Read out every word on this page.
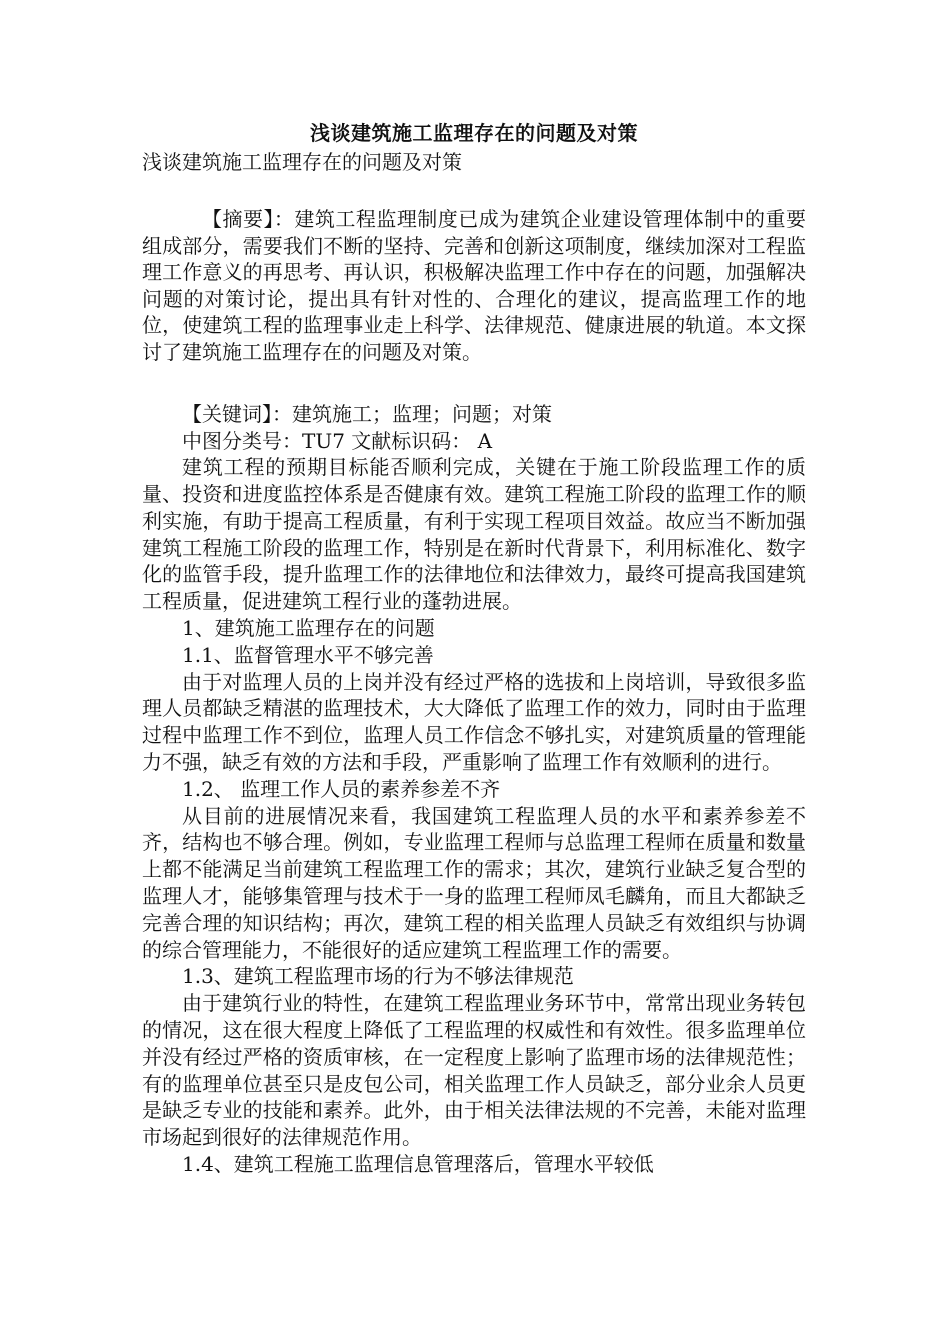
浅谈建筑施工监理存在的问题及对策

浅谈建筑施工监理存在的问题及对策

【摘要】：建筑工程监理制度已成为建筑企业建设管理体制中的重要组成部分，需要我们不断的坚持、完善和创新这项制度，继续加深对工程监理工作意义的再思考、再认识，积极解决监理工作中存在的问题，加强解决问题的对策讨论，提出具有针对性的、合理化的建议，提高监理工作的地位，使建筑工程的监理事业走上科学、法律规范、健康进展的轨道。本文探讨了建筑施工监理存在的问题及对策。

【关键词】：建筑施工；监理；问题；对策

中图分类号：TU7 文献标识码： A

建筑工程的预期目标能否顺利完成，关键在于施工阶段监理工作的质量、投资和进度监控体系是否健康有效。建筑工程施工阶段的监理工作的顺利实施，有助于提高工程质量，有利于实现工程项目效益。故应当不断加强建筑工程施工阶段的监理工作，特别是在新时代背景下，利用标准化、数字化的监管手段，提升监理工作的法律地位和法律效力，最终可提高我国建筑工程质量，促进建筑工程行业的蓬勃进展。

1、建筑施工监理存在的问题

1.1、监督管理水平不够完善

由于对监理人员的上岗并没有经过严格的选拔和上岗培训，导致很多监理人员都缺乏精湛的监理技术，大大降低了监理工作的效力，同时由于监理过程中监理工作不到位，监理人员工作信念不够扎实，对建筑质量的管理能力不强，缺乏有效的方法和手段，严重影响了监理工作有效顺利的进行。

1.2、 监理工作人员的素养参差不齐

从目前的进展情况来看，我国建筑工程监理人员的水平和素养参差不齐，结构也不够合理。例如，专业监理工程师与总监理工程师在质量和数量上都不能满足当前建筑工程监理工作的需求；其次，建筑行业缺乏复合型的监理人才，能够集管理与技术于一身的监理工程师凤毛麟角，而且大都缺乏完善合理的知识结构；再次，建筑工程的相关监理人员缺乏有效组织与协调的综合管理能力，不能很好的适应建筑工程监理工作的需要。

1.3、建筑工程监理市场的行为不够法律规范

由于建筑行业的特性，在建筑工程监理业务环节中，常常出现业务转包的情况，这在很大程度上降低了工程监理的权威性和有效性。很多监理单位并没有经过严格的资质审核，在一定程度上影响了监理市场的法律规范性；有的监理单位甚至只是皮包公司，相关监理工作人员缺乏，部分业余人员更是缺乏专业的技能和素养。此外，由于相关法律法规的不完善，未能对监理市场起到很好的法律规范作用。

1.4、建筑工程施工监理信息管理落后，管理水平较低
